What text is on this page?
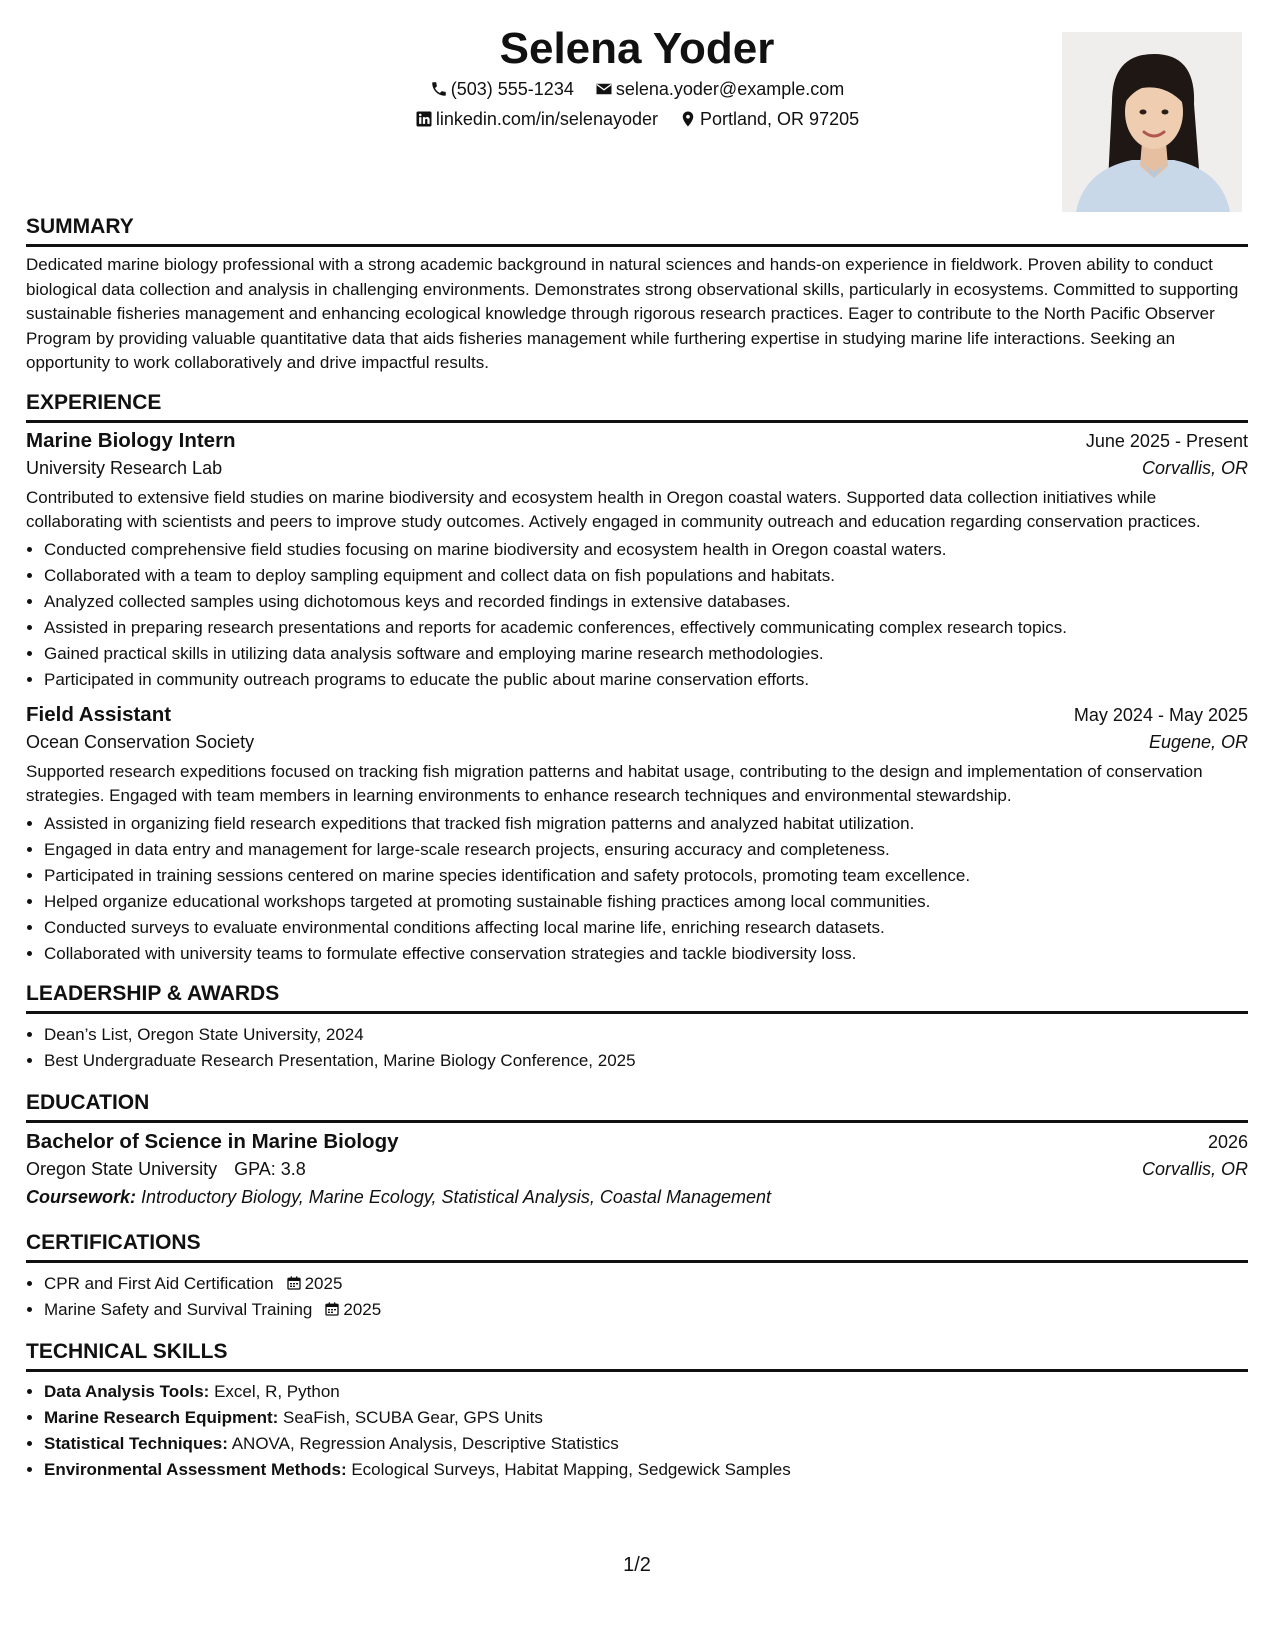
Selena Yoder
(503) 555-1234 selena.yoder@example.com
linkedin.com/in/selenayoder Portland, OR 97205
SUMMARY

Dedicated marine biology professional with a strong academic background in natural sciences and hands-on experience in fieldwork. Proven ability to conduct biological data collection and analysis in challenging environments. Demonstrates strong observational skills, particularly in ecosystems. Committed to supporting sustainable fisheries management and enhancing ecological knowledge through rigorous research practices. Eager to contribute to the North Pacific Observer Program by providing valuable quantitative data that aids fisheries management while furthering expertise in studying marine life interactions. Seeking an opportunity to work collaboratively and drive impactful results.

EXPERIENCE
Marine Biology Intern	June 2025 - Present
University Research Lab	Corvallis, OR

Contributed to extensive field studies on marine biodiversity and ecosystem health in Oregon coastal waters. Supported data collection initiatives while collaborating with scientists and peers to improve study outcomes. Actively engaged in community outreach and education regarding conservation practices.

• Conducted comprehensive field studies focusing on marine biodiversity and ecosystem health in Oregon coastal waters.
• Collaborated with a team to deploy sampling equipment and collect data on fish populations and habitats.
• Analyzed collected samples using dichotomous keys and recorded findings in extensive databases.
• Assisted in preparing research presentations and reports for academic conferences, effectively communicating complex research topics.
• Gained practical skills in utilizing data analysis software and employing marine research methodologies.
• Participated in community outreach programs to educate the public about marine conservation efforts.
Field Assistant	May 2024 - May 2025
Ocean Conservation Society	Eugene, OR

Supported research expeditions focused on tracking fish migration patterns and habitat usage, contributing to the design and implementation of conservation strategies. Engaged with team members in learning environments to enhance research techniques and environmental stewardship.

• Assisted in organizing field research expeditions that tracked fish migration patterns and analyzed habitat utilization.
• Engaged in data entry and management for large-scale research projects, ensuring accuracy and completeness.
• Participated in training sessions centered on marine species identification and safety protocols, promoting team excellence.
• Helped organize educational workshops targeted at promoting sustainable fishing practices among local communities.
• Conducted surveys to evaluate environmental conditions affecting local marine life, enriching research datasets.
• Collaborated with university teams to formulate effective conservation strategies and tackle biodiversity loss.
LEADERSHIP & AWARDS
• Dean’s List, Oregon State University, 2024
• Best Undergraduate Research Presentation, Marine Biology Conference, 2025
EDUCATION
Bachelor of Science in Marine Biology	2026
Oregon State University GPA: 3.8	Corvallis, OR
Coursework: Introductory Biology, Marine Ecology, Statistical Analysis, Coastal Management
CERTIFICATIONS
• CPR and First Aid Certification 2025
• Marine Safety and Survival Training 2025
TECHNICAL SKILLS
• Data Analysis Tools: Excel, R, Python
• Marine Research Equipment: SeaFish, SCUBA Gear, GPS Units
• Statistical Techniques: ANOVA, Regression Analysis, Descriptive Statistics
• Environmental Assessment Methods: Ecological Surveys, Habitat Mapping, Sedgewick Samples
1/2
